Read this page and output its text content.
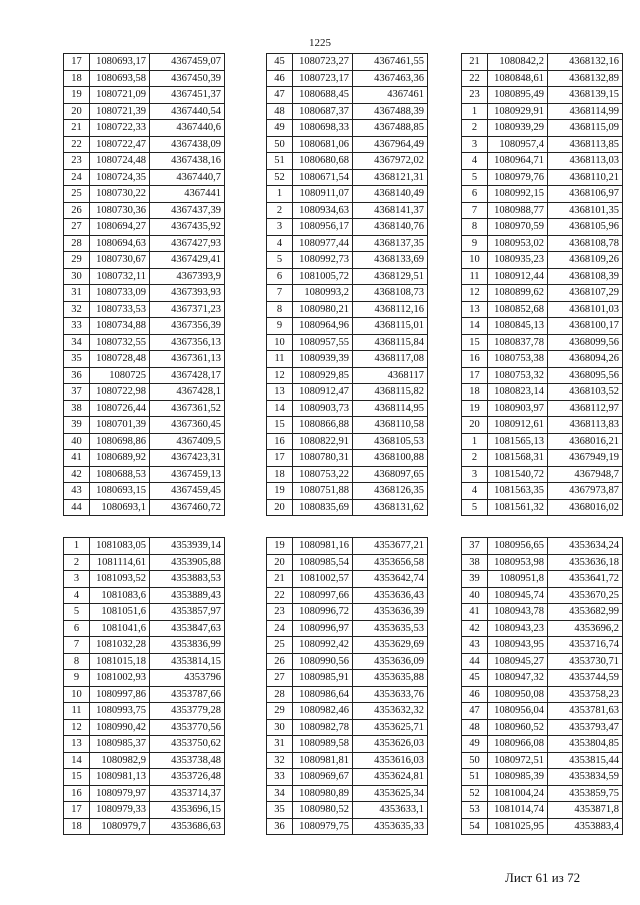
1225
17	1080693,17	4367459,07
18	1080693,58	4367450,39
19	1080721,09	4367451,37
20	1080721,39	4367440,54
21	1080722,33	4367440,6
22	1080722,47	4367438,09
23	1080724,48	4367438,16
24	1080724,35	4367440,7
25	1080730,22	4367441
26	1080730,36	4367437,39
27	1080694,27	4367435,92
28	1080694,63	4367427,93
29	1080730,67	4367429,41
30	1080732,11	4367393,9
31	1080733,09	4367393,93
32	1080733,53	4367371,23
33	1080734,88	4367356,39
34	1080732,55	4367356,13
35	1080728,48	4367361,13
36	1080725	4367428,17
37	1080722,98	4367428,1
38	1080726,44	4367361,52
39	1080701,39	4367360,45
40	1080698,86	4367409,5
41	1080689,92	4367423,31
42	1080688,53	4367459,13
43	1080693,15	4367459,45
44	1080693,1	4367460,72
45	1080723,27	4367461,55
46	1080723,17	4367463,36
47	1080688,45	4367461
48	1080687,37	4367488,39
49	1080698,33	4367488,85
50	1080681,06	4367964,49
51	1080680,68	4367972,02
52	1080671,54	4368121,31
1	1080911,07	4368140,49
2	1080934,63	4368141,37
3	1080956,17	4368140,76
4	1080977,44	4368137,35
5	1080992,73	4368133,69
6	1081005,72	4368129,51
7	1080993,2	4368108,73
8	1080980,21	4368112,16
9	1080964,96	4368115,01
10	1080957,55	4368115,84
11	1080939,39	4368117,08
12	1080929,85	4368117
13	1080912,47	4368115,82
14	1080903,73	4368114,95
15	1080866,88	4368110,58
16	1080822,91	4368105,53
17	1080780,31	4368100,88
18	1080753,22	4368097,65
19	1080751,88	4368126,35
20	1080835,69	4368131,62
21	1080842,2	4368132,16
22	1080848,61	4368132,89
23	1080895,49	4368139,15
1	1080929,91	4368114,99
2	1080939,29	4368115,09
3	1080957,4	4368113,85
4	1080964,71	4368113,03
5	1080979,76	4368110,21
6	1080992,15	4368106,97
7	1080988,77	4368101,35
8	1080970,59	4368105,96
9	1080953,02	4368108,78
10	1080935,23	4368109,26
11	1080912,44	4368108,39
12	1080899,62	4368107,29
13	1080852,68	4368101,03
14	1080845,13	4368100,17
15	1080837,78	4368099,56
16	1080753,38	4368094,26
17	1080753,32	4368095,56
18	1080823,14	4368103,52
19	1080903,97	4368112,97
20	1080912,61	4368113,83
1	1081565,13	4368016,21
2	1081568,31	4367949,19
3	1081540,72	4367948,7
4	1081563,35	4367973,87
5	1081561,32	4368016,02
1	1081083,05	4353939,14
2	1081114,61	4353905,88
3	1081093,52	4353883,53
4	1081083,6	4353889,43
5	1081051,6	4353857,97
6	1081041,6	4353847,63
7	1081032,28	4353836,99
8	1081015,18	4353814,15
9	1081002,93	4353796
10	1080997,86	4353787,66
11	1080993,75	4353779,28
12	1080990,42	4353770,56
13	1080985,37	4353750,62
14	1080982,9	4353738,48
15	1080981,13	4353726,48
16	1080979,97	4353714,37
17	1080979,33	4353696,15
18	1080979,7	4353686,63
19	1080981,16	4353677,21
20	1080985,54	4353656,58
21	1081002,57	4353642,74
22	1080997,66	4353636,43
23	1080996,72	4353636,39
24	1080996,97	4353635,53
25	1080992,42	4353629,69
26	1080990,56	4353636,09
27	1080985,91	4353635,88
28	1080986,64	4353633,76
29	1080982,46	4353632,32
30	1080982,78	4353625,71
31	1080989,58	4353626,03
32	1080981,81	4353616,03
33	1080969,67	4353624,81
34	1080980,89	4353625,34
35	1080980,52	4353633,1
36	1080979,75	4353635,33
37	1080956,65	4353634,24
38	1080953,98	4353636,18
39	1080951,8	4353641,72
40	1080945,74	4353670,25
41	1080943,78	4353682,99
42	1080943,23	4353696,2
43	1080943,95	4353716,74
44	1080945,27	4353730,71
45	1080947,32	4353744,59
46	1080950,08	4353758,23
47	1080956,04	4353781,63
48	1080960,52	4353793,47
49	1080966,08	4353804,85
50	1080972,51	4353815,44
51	1080985,39	4353834,59
52	1081004,24	4353859,75
53	1081014,74	4353871,8
54	1081025,95	4353883,4
Лист 61 из 72
